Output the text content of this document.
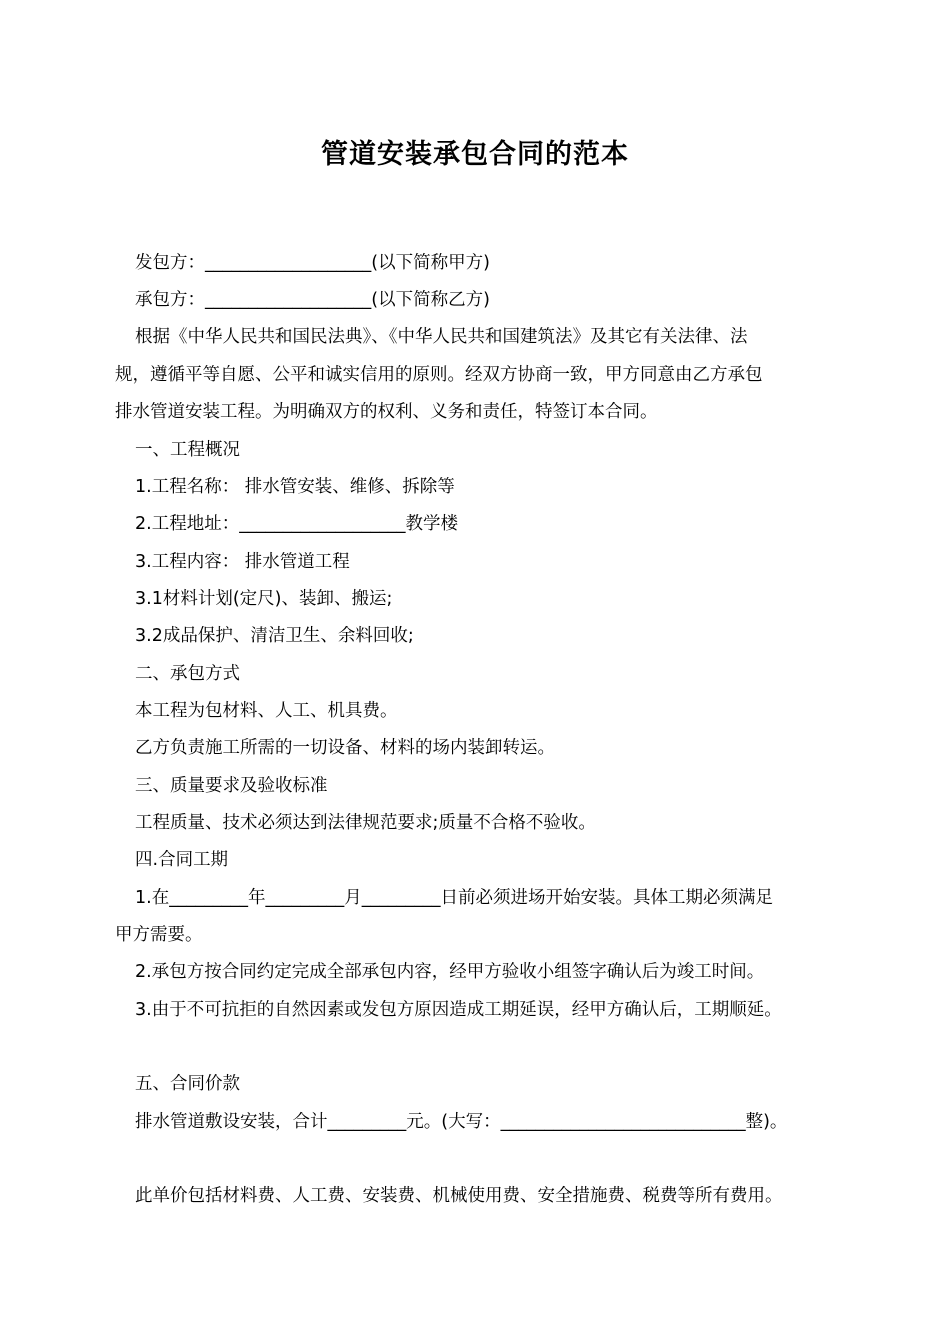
管道安装承包合同的范本
发包方：___________________(以下简称甲方)
承包方：___________________(以下简称乙方)
根据《中华人民共和国民法典》、《中华人民共和国建筑法》及其它有关法律、法
规，遵循平等自愿、公平和诚实信用的原则。经双方协商一致，甲方同意由乙方承包
排水管道安装工程。为明确双方的权利、义务和责任，特签订本合同。
一、工程概况
1.工程名称： 排水管安装、维修、拆除等
2.工程地址：___________________教学楼
3.工程内容： 排水管道工程
3.1材料计划(定尺)、装卸、搬运;
3.2成品保护、清洁卫生、余料回收;
二、承包方式
本工程为包材料、人工、机具费。
乙方负责施工所需的一切设备、材料的场内装卸转运。
三、质量要求及验收标准
工程质量、技术必须达到法律规范要求;质量不合格不验收。
四.合同工期
1.在_________年_________月_________日前必须进场开始安装。具体工期必须满足
甲方需要。
2.承包方按合同约定完成全部承包内容，经甲方验收小组签字确认后为竣工时间。
3.由于不可抗拒的自然因素或发包方原因造成工期延误，经甲方确认后，工期顺延。
五、合同价款
排水管道敷设安装，合计_________元。(大写：____________________________整)。
此单价包括材料费、人工费、安装费、机械使用费、安全措施费、税费等所有费用。
